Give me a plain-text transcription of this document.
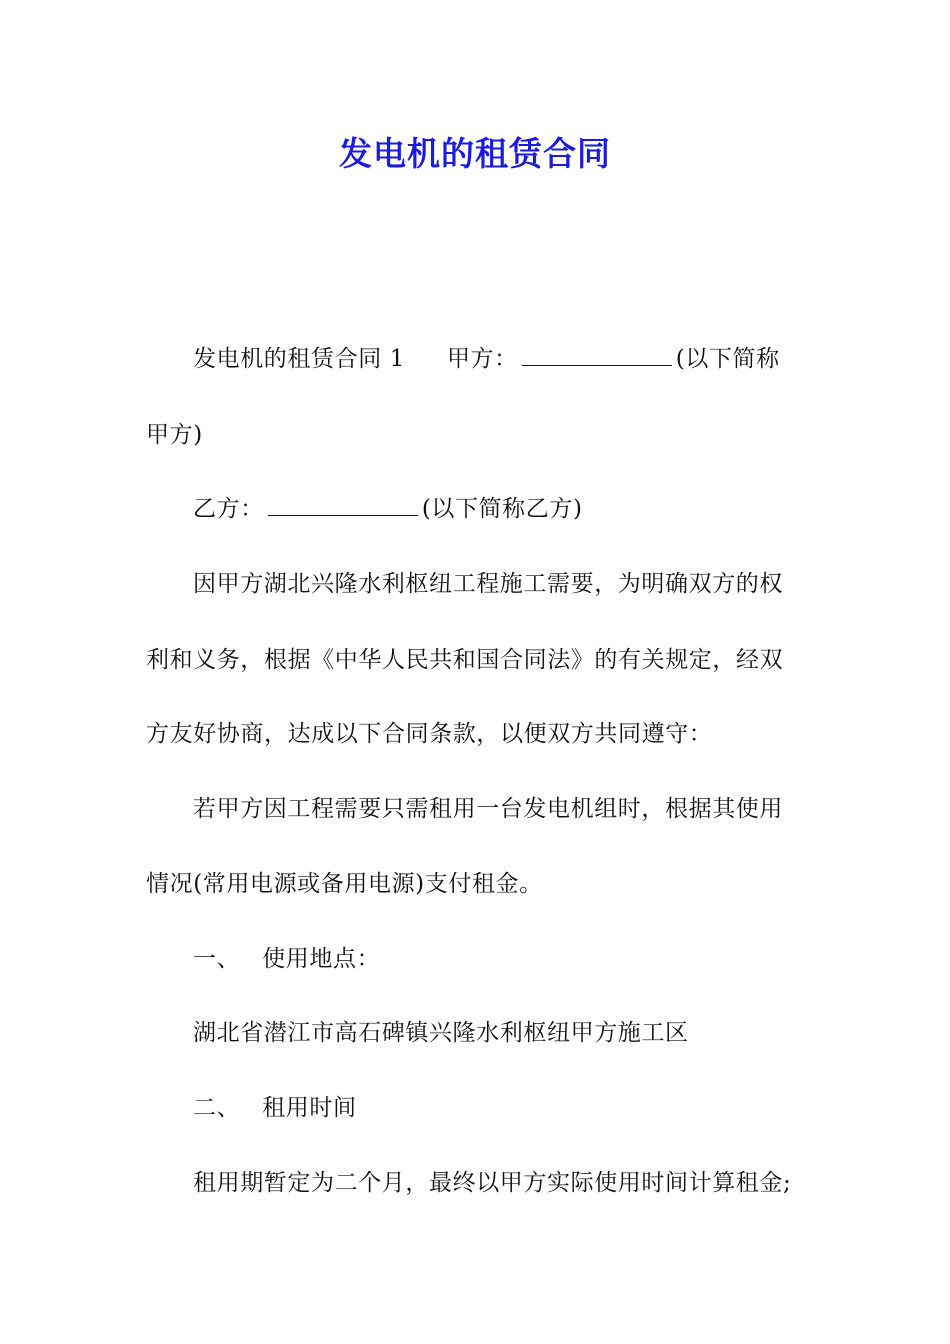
发电机的租赁合同
发电机的租赁合同 1 甲方：	(以下简称
甲方)
乙方：	(以下简称乙方)
因甲方湖北兴隆水利枢纽工程施工需要，为明确双方的权
利和义务，根据《中华人民共和国合同法》的有关规定，经双
方友好协商，达成以下合同条款，以便双方共同遵守：
若甲方因工程需要只需租用一台发电机组时，根据其使用
情况(常用电源或备用电源)支付租金。
一、 使用地点：
湖北省潜江市高石碑镇兴隆水利枢纽甲方施工区
二、 租用时间
租用期暂定为二个月，最终以甲方实际使用时间计算租金;
